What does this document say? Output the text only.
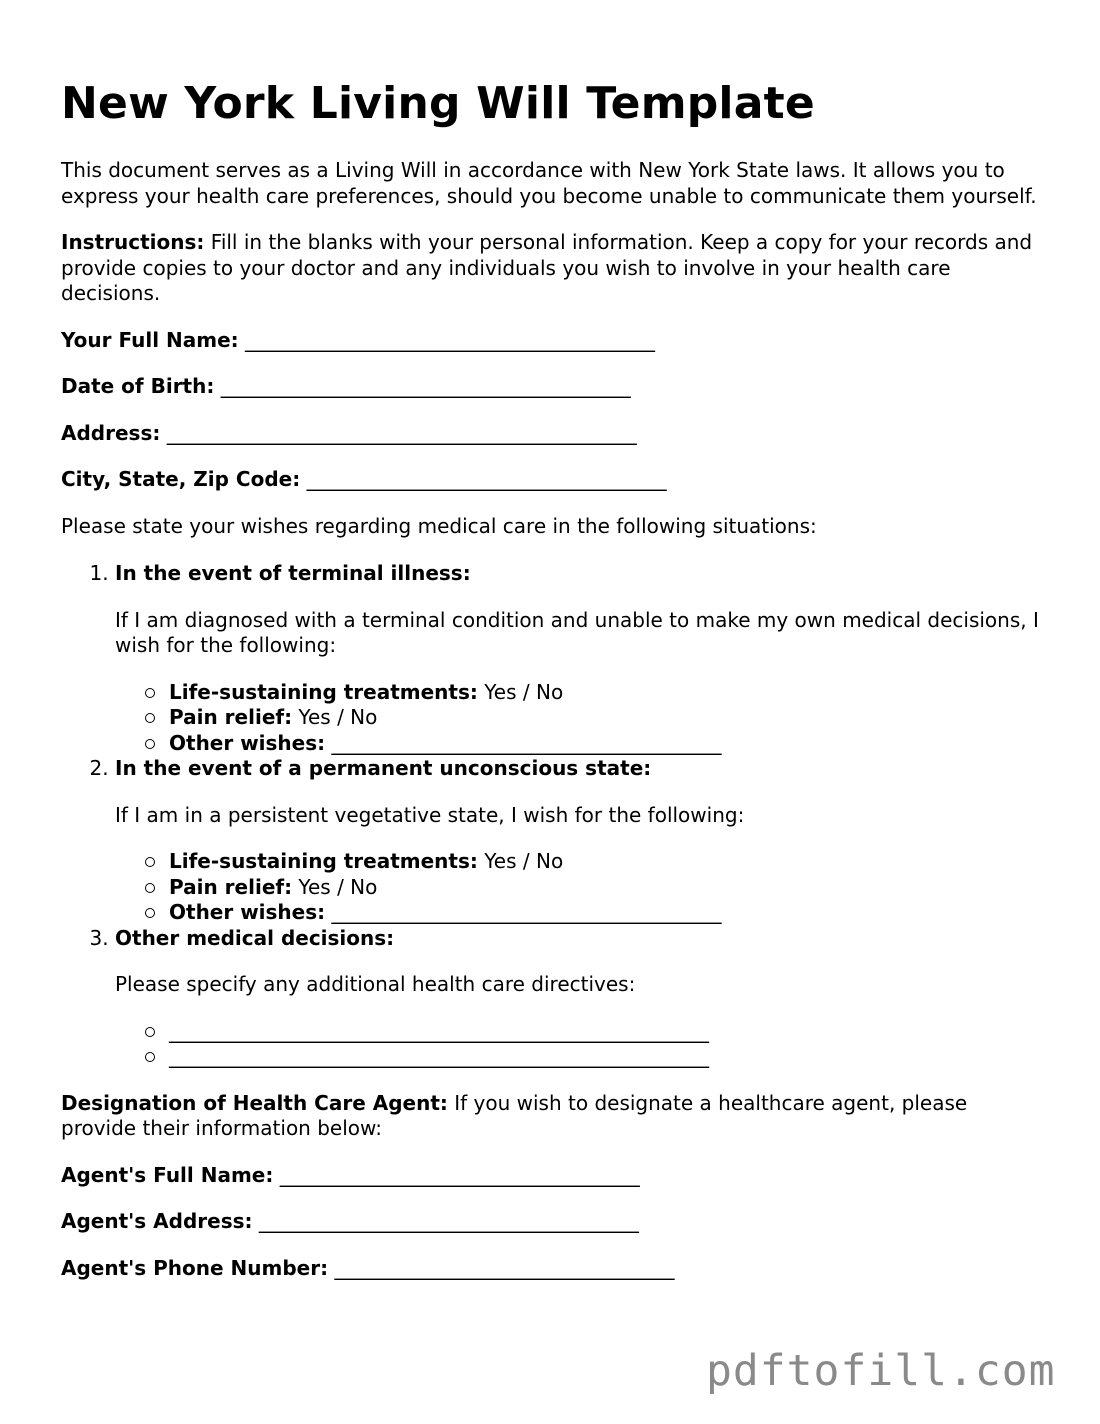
New York Living Will Template

This document serves as a Living Will in accordance with New York State laws. It allows you to express your health care preferences, should you become unable to communicate them yourself.

Instructions: Fill in the blanks with your personal information. Keep a copy for your records and provide copies to your doctor and any individuals you wish to involve in your health care decisions.

Your Full Name: _________________________________________

Date of Birth: _________________________________________

Address: _______________________________________________

City, State, Zip Code: ____________________________________

Please state your wishes regarding medical care in the following situations:

1. In the event of terminal illness:

If I am diagnosed with a terminal condition and unable to make my own medical decisions, I wish for the following:

Life-sustaining treatments: Yes / No
Pain relief: Yes / No
Other wishes: _______________________________________
2. In the event of a permanent unconscious state:

If I am in a persistent vegetative state, I wish for the following:

Life-sustaining treatments: Yes / No
Pain relief: Yes / No
Other wishes: _______________________________________
3. Other medical decisions:

Please specify any additional health care directives:

______________________________________________________
______________________________________________________

Designation of Health Care Agent: If you wish to designate a healthcare agent, please provide their information below:

Agent's Full Name: ____________________________________

Agent's Address: ______________________________________

Agent's Phone Number: __________________________________

pdftofill.com
